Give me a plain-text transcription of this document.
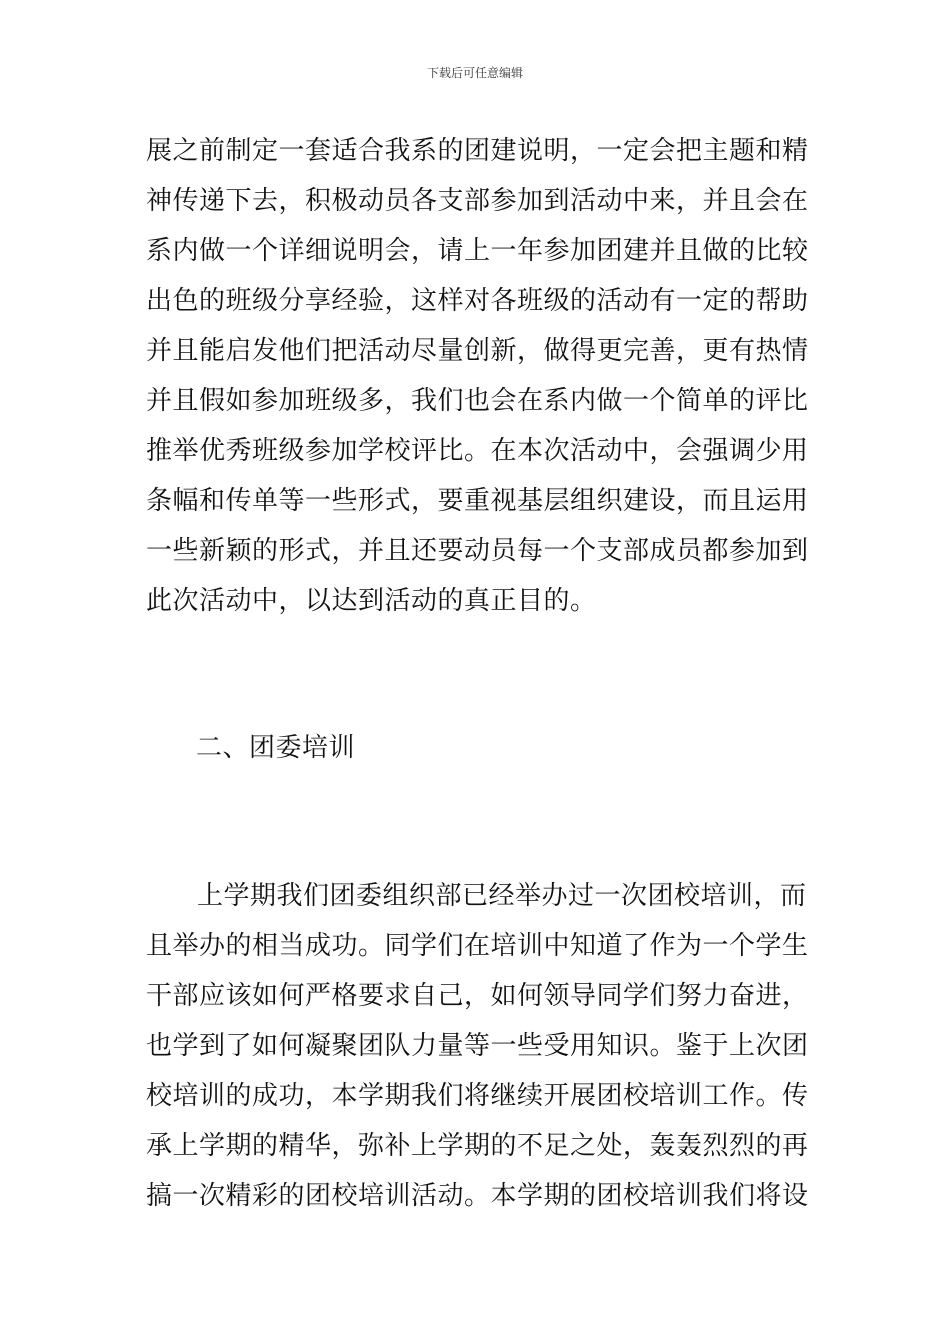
下载后可任意编辑
展之前制定一套适合我系的团建说明，一定会把主题和精
神传递下去，积极动员各支部参加到活动中来，并且会在
系内做一个详细说明会，请上一年参加团建并且做的比较
出色的班级分享经验，这样对各班级的活动有一定的帮助
并且能启发他们把活动尽量创新，做得更完善，更有热情
并且假如参加班级多，我们也会在系内做一个简单的评比
推举优秀班级参加学校评比。在本次活动中，会强调少用
条幅和传单等一些形式，要重视基层组织建设，而且运用
一些新颖的形式，并且还要动员每一个支部成员都参加到
此次活动中，以达到活动的真正目的。
二、团委培训
上学期我们团委组织部已经举办过一次团校培训，而
且举办的相当成功。同学们在培训中知道了作为一个学生
干部应该如何严格要求自己，如何领导同学们努力奋进，
也学到了如何凝聚团队力量等一些受用知识。鉴于上次团
校培训的成功，本学期我们将继续开展团校培训工作。传
承上学期的精华，弥补上学期的不足之处，轰轰烈烈的再
搞一次精彩的团校培训活动。本学期的团校培训我们将设
